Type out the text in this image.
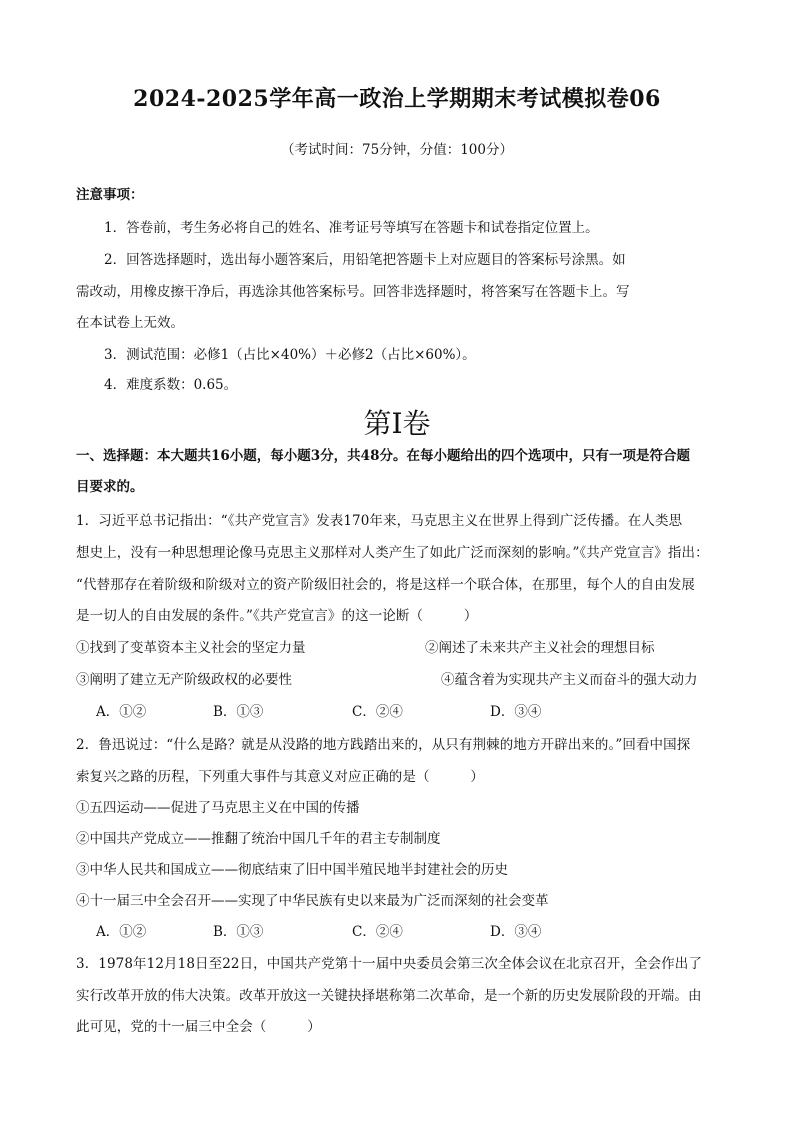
2024-2025学年高一政治上学期期末考试模拟卷06
（考试时间：75分钟，分值：100分）
注意事项：
1．答卷前，考生务必将自己的姓名、准考证号等填写在答题卡和试卷指定位置上。
2．回答选择题时，选出每小题答案后，用铅笔把答题卡上对应题目的答案标号涂黑。如
需改动，用橡皮擦干净后，再选涂其他答案标号。回答非选择题时，将答案写在答题卡上。写
在本试卷上无效。
3．测试范围：必修1（占比×40%）＋必修2（占比×60%）。
4．难度系数：0.65。
第Ⅰ卷
一、选择题：本大题共16小题，每小题3分，共48分。在每小题给出的四个选项中，只有一项是符合题
目要求的。
1．习近平总书记指出：“《共产党宣言》发表170年来，马克思主义在世界上得到广泛传播。在人类思
想史上，没有一种思想理论像马克思主义那样对人类产生了如此广泛而深刻的影响。”《共产党宣言》指出：
“代替那存在着阶级和阶级对立的资产阶级旧社会的，将是这样一个联合体，在那里，每个人的自由发展
是一切人的自由发展的条件。”《共产党宣言》的这一论断（　　　）
①找到了变革资本主义社会的坚定力量	②阐述了未来共产主义社会的理想目标
③阐明了建立无产阶级政权的必要性	④蕴含着为实现共产主义而奋斗的强大动力
A．①②	B．①③	C．②④	D．③④
2．鲁迅说过：“什么是路？就是从没路的地方践踏出来的，从只有荆棘的地方开辟出来的。”回看中国探
索复兴之路的历程，下列重大事件与其意义对应正确的是（　　　）
①五四运动——促进了马克思主义在中国的传播
②中国共产党成立——推翻了统治中国几千年的君主专制制度
③中华人民共和国成立——彻底结束了旧中国半殖民地半封建社会的历史
④十一届三中全会召开——实现了中华民族有史以来最为广泛而深刻的社会变革
A．①②	B．①③	C．②④	D．③④
3．1978年12月18日至22日，中国共产党第十一届中央委员会第三次全体会议在北京召开，全会作出了
实行改革开放的伟大决策。改革开放这一关键抉择堪称第二次革命，是一个新的历史发展阶段的开端。由
此可见，党的十一届三中全会（　　　）
